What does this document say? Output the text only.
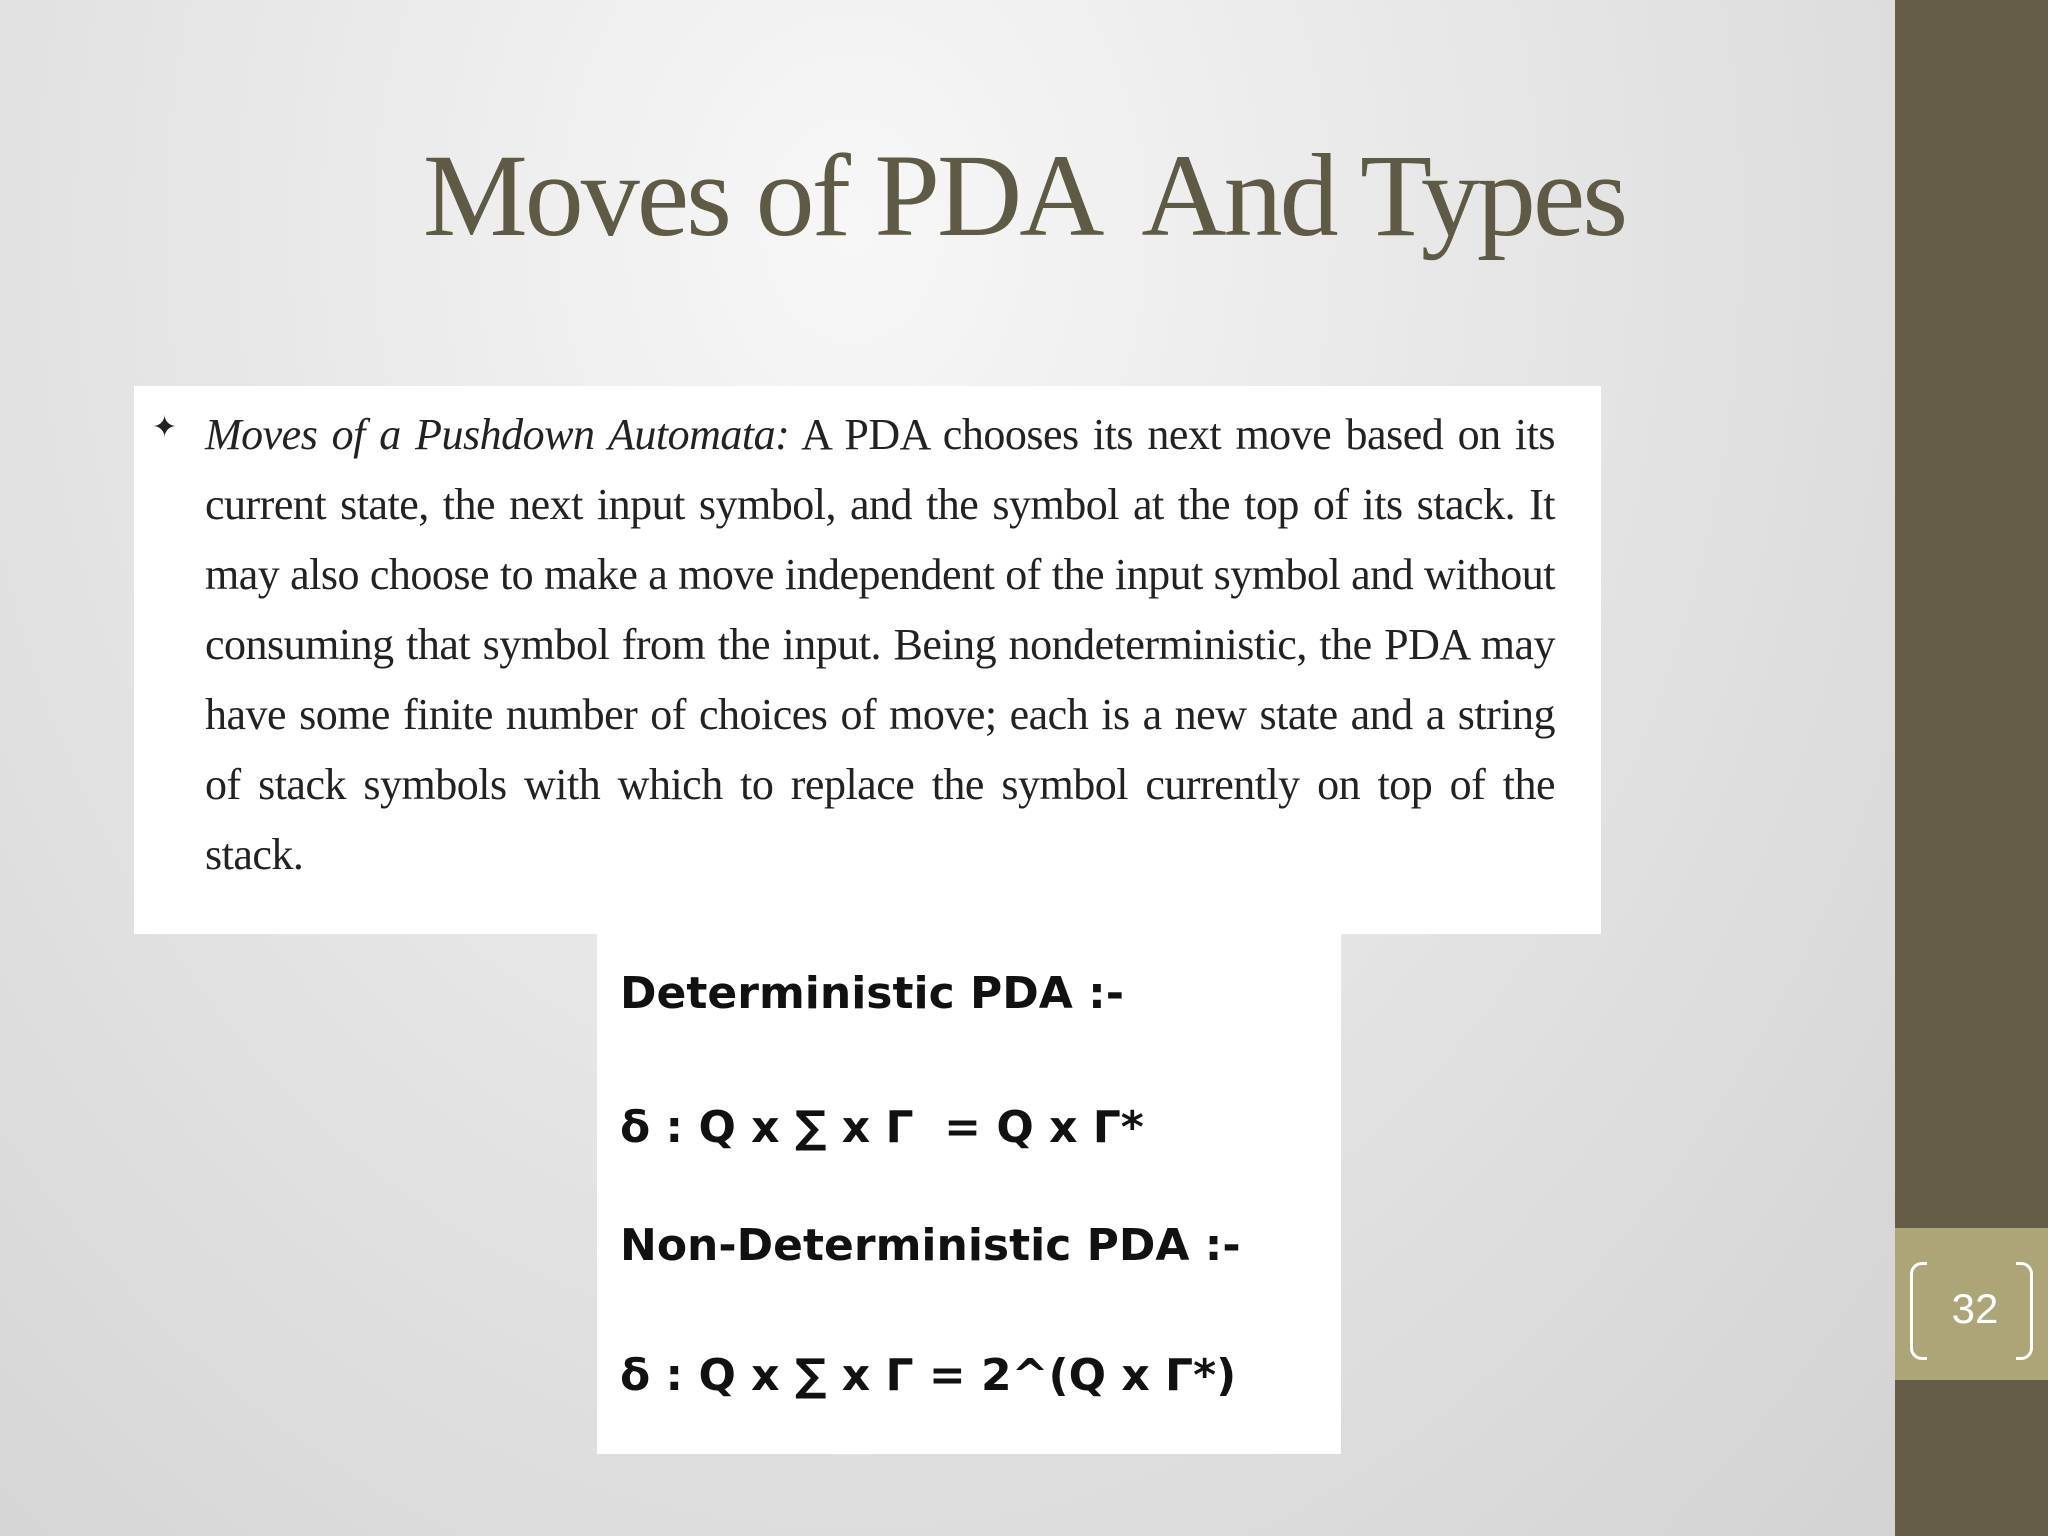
Moves of PDA  And Types
32
✦ Moves of a Pushdown Automata: A PDA chooses its next move based on its current state, the next input symbol, and the symbol at the top of its stack. It may also choose to make a move independent of the input symbol and without consuming that symbol from the input. Being nondeterministic, the PDA may have some finite number of choices of move; each is a new state and a string of stack symbols with which to replace the symbol currently on top of the stack.
Deterministic PDA :-
δ : Q x ∑ x Γ  = Q x Γ*
Non-Deterministic PDA :-
δ : Q x ∑ x Γ = 2^(Q x Γ*)
